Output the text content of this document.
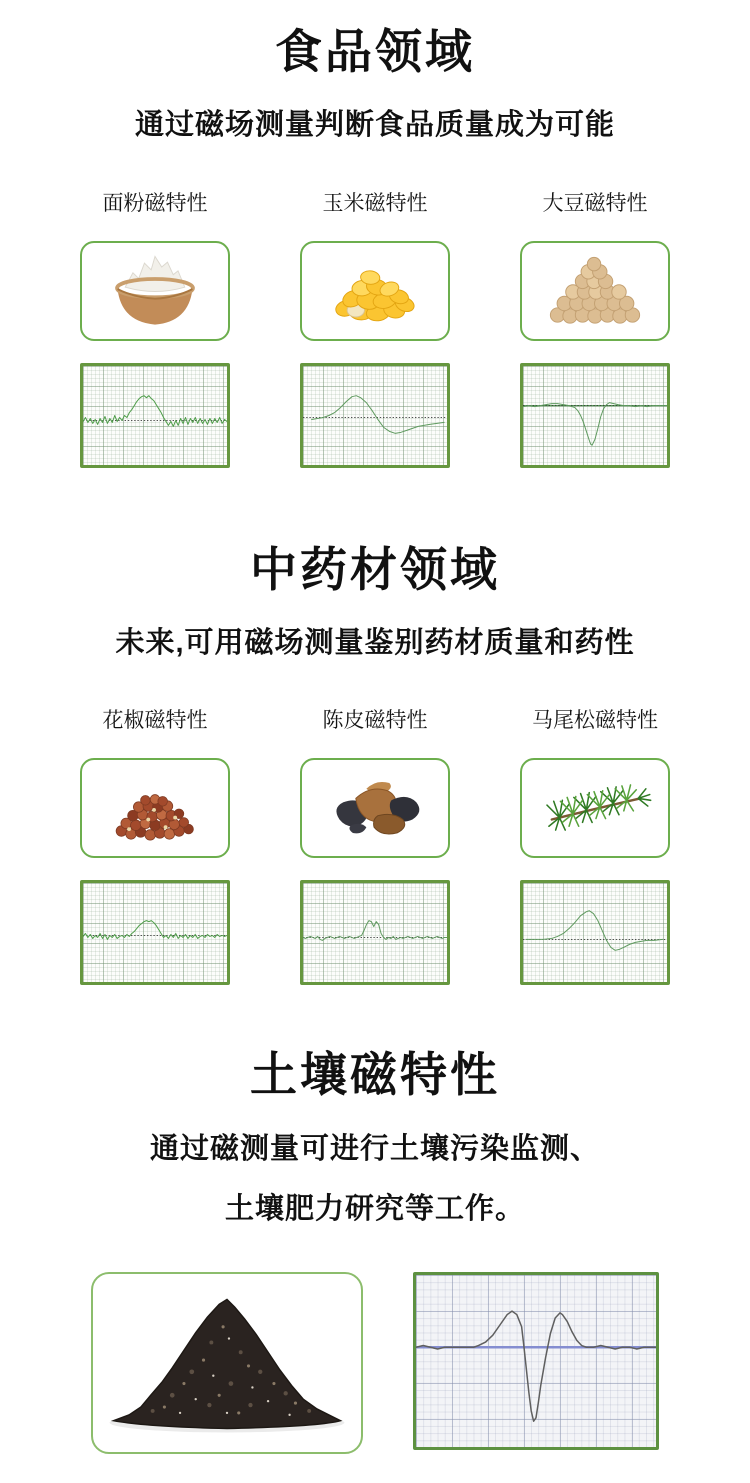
食品领域
通过磁场测量判断食品质量成为可能
面粉磁特性	玉米磁特性	大豆磁特性
中药材领域
未来,可用磁场测量鉴别药材质量和药性
花椒磁特性	陈皮磁特性	马尾松磁特性
土壤磁特性
通过磁测量可进行土壤污染监测、
土壤肥力研究等工作。
